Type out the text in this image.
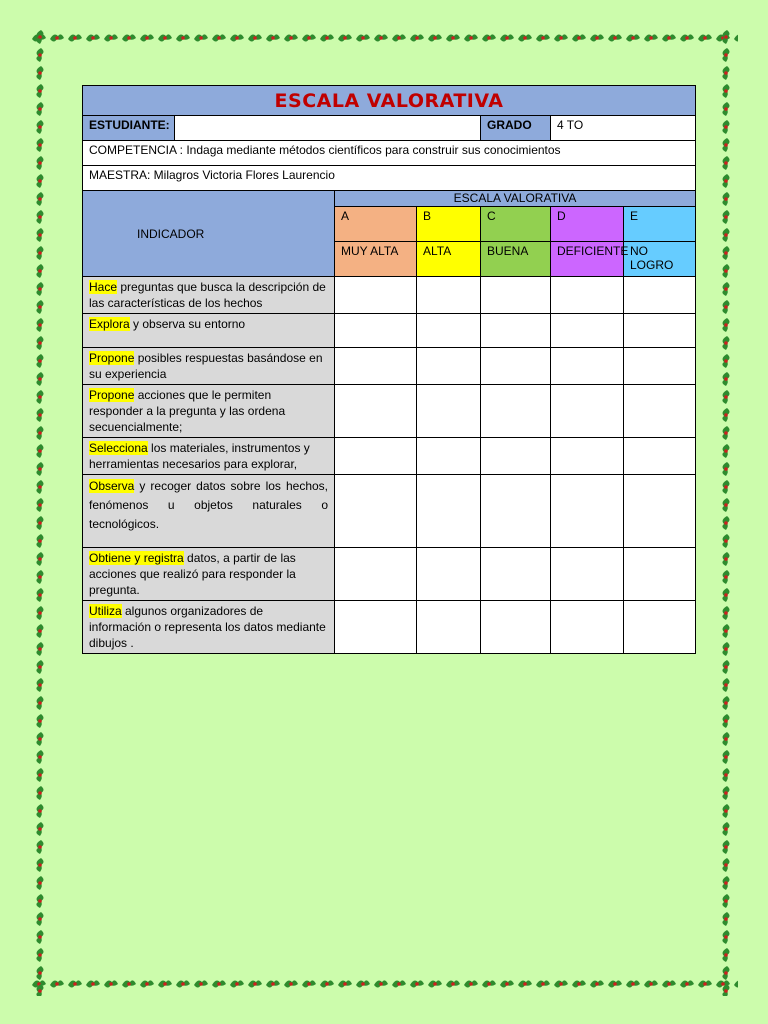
ESCALA VALORATIVA						
ESTUDIANTE:				GRADO	4 TO	
COMPETENCIA : Indaga mediante métodos científicos para construir sus conocimientos						
MAESTRA: Milagros Victoria Flores Laurencio						
INDICADOR		ESCALA VALORATIVA				
		A	B	C	D	E
		MUY ALTA	ALTA	BUENA	DEFICIENTE	NO LOGRO
Hace preguntas que busca la descripción de las características de los hechos						
Explora y observa su entorno						
Propone posibles respuestas basándose en su experiencia						
Propone acciones que le permiten responder a la pregunta y las ordena secuencialmente;						
Selecciona los materiales, instrumentos y herramientas necesarios para explorar,						
Observa y recoger datos sobre los hechos, fenómenos u objetos naturales o tecnológicos.						
Obtiene y registra datos, a partir de las acciones que realizó para responder la pregunta.						
Utiliza algunos organizadores de información o representa los datos mediante dibujos .						
